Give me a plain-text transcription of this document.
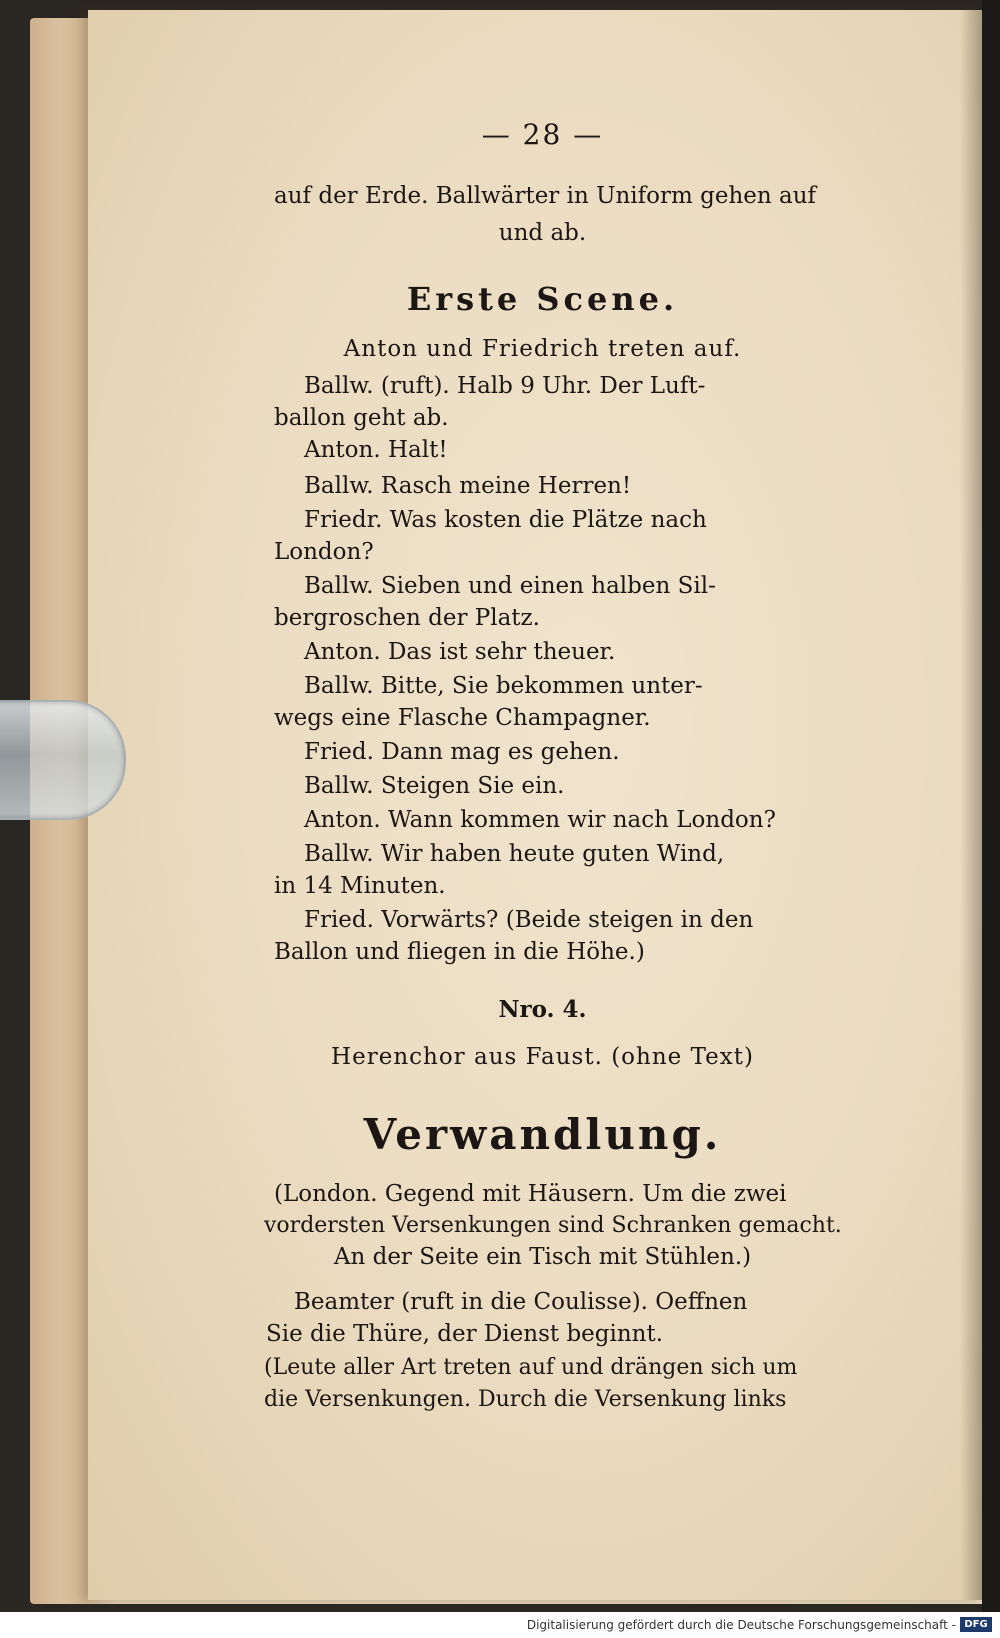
— 28 —
auf der Erde. Ballwärter in Uniform gehen auf
und ab.
Erste Scene.
Anton und Friedrich treten auf.
Ballw. (ruft). Halb 9 Uhr. Der Luft-
ballon geht ab.
Anton. Halt!
Ballw. Rasch meine Herren!
Friedr. Was kosten die Plätze nach
London?
Ballw. Sieben und einen halben Sil-
bergroschen der Platz.
Anton. Das ist sehr theuer.
Ballw. Bitte, Sie bekommen unter-
wegs eine Flasche Champagner.
Fried. Dann mag es gehen.
Ballw. Steigen Sie ein.
Anton. Wann kommen wir nach London?
Ballw. Wir haben heute guten Wind,
in 14 Minuten.
Fried. Vorwärts? (Beide steigen in den
Ballon und fliegen in die Höhe.)
Nro. 4.
Herenchor aus Faust. (ohne Text)
Verwandlung.
(London. Gegend mit Häusern. Um die zwei
vordersten Versenkungen sind Schranken gemacht.
An der Seite ein Tisch mit Stühlen.)
Beamter (ruft in die Coulisse). Oeffnen
Sie die Thüre, der Dienst beginnt.
(Leute aller Art treten auf und drängen sich um
die Versenkungen. Durch die Versenkung links
Digitalisierung gefördert durch die Deutsche Forschungsgemeinschaft - DFG
